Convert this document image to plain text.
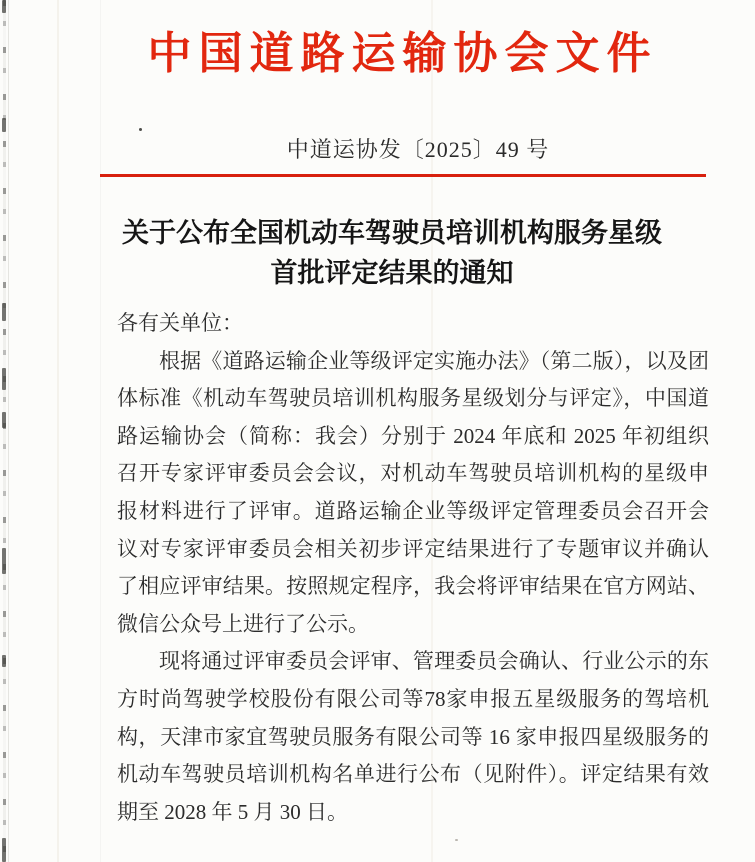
中国道路运输协会文件
中道运协发〔2025〕49 号
关于公布全国机动车驾驶员培训机构服务星级
首批评定结果的通知
各有关单位：
根据《道路运输企业等级评定实施办法》（第二版），以及团
体标准《机动车驾驶员培训机构服务星级划分与评定》，中国道
路运输协会（简称：我会）分别于 2024 年底和 2025 年初组织
召开专家评审委员会会议，对机动车驾驶员培训机构的星级申
报材料进行了评审。道路运输企业等级评定管理委员会召开会
议对专家评审委员会相关初步评定结果进行了专题审议并确认
了相应评审结果。按照规定程序，我会将评审结果在官方网站、
微信公众号上进行了公示。
现将通过评审委员会评审、管理委员会确认、行业公示的东
方时尚驾驶学校股份有限公司等78家申报五星级服务的驾培机
构，天津市家宜驾驶员服务有限公司等 16 家申报四星级服务的
机动车驾驶员培训机构名单进行公布（见附件）。评定结果有效
期至 2028 年 5 月 30 日。
